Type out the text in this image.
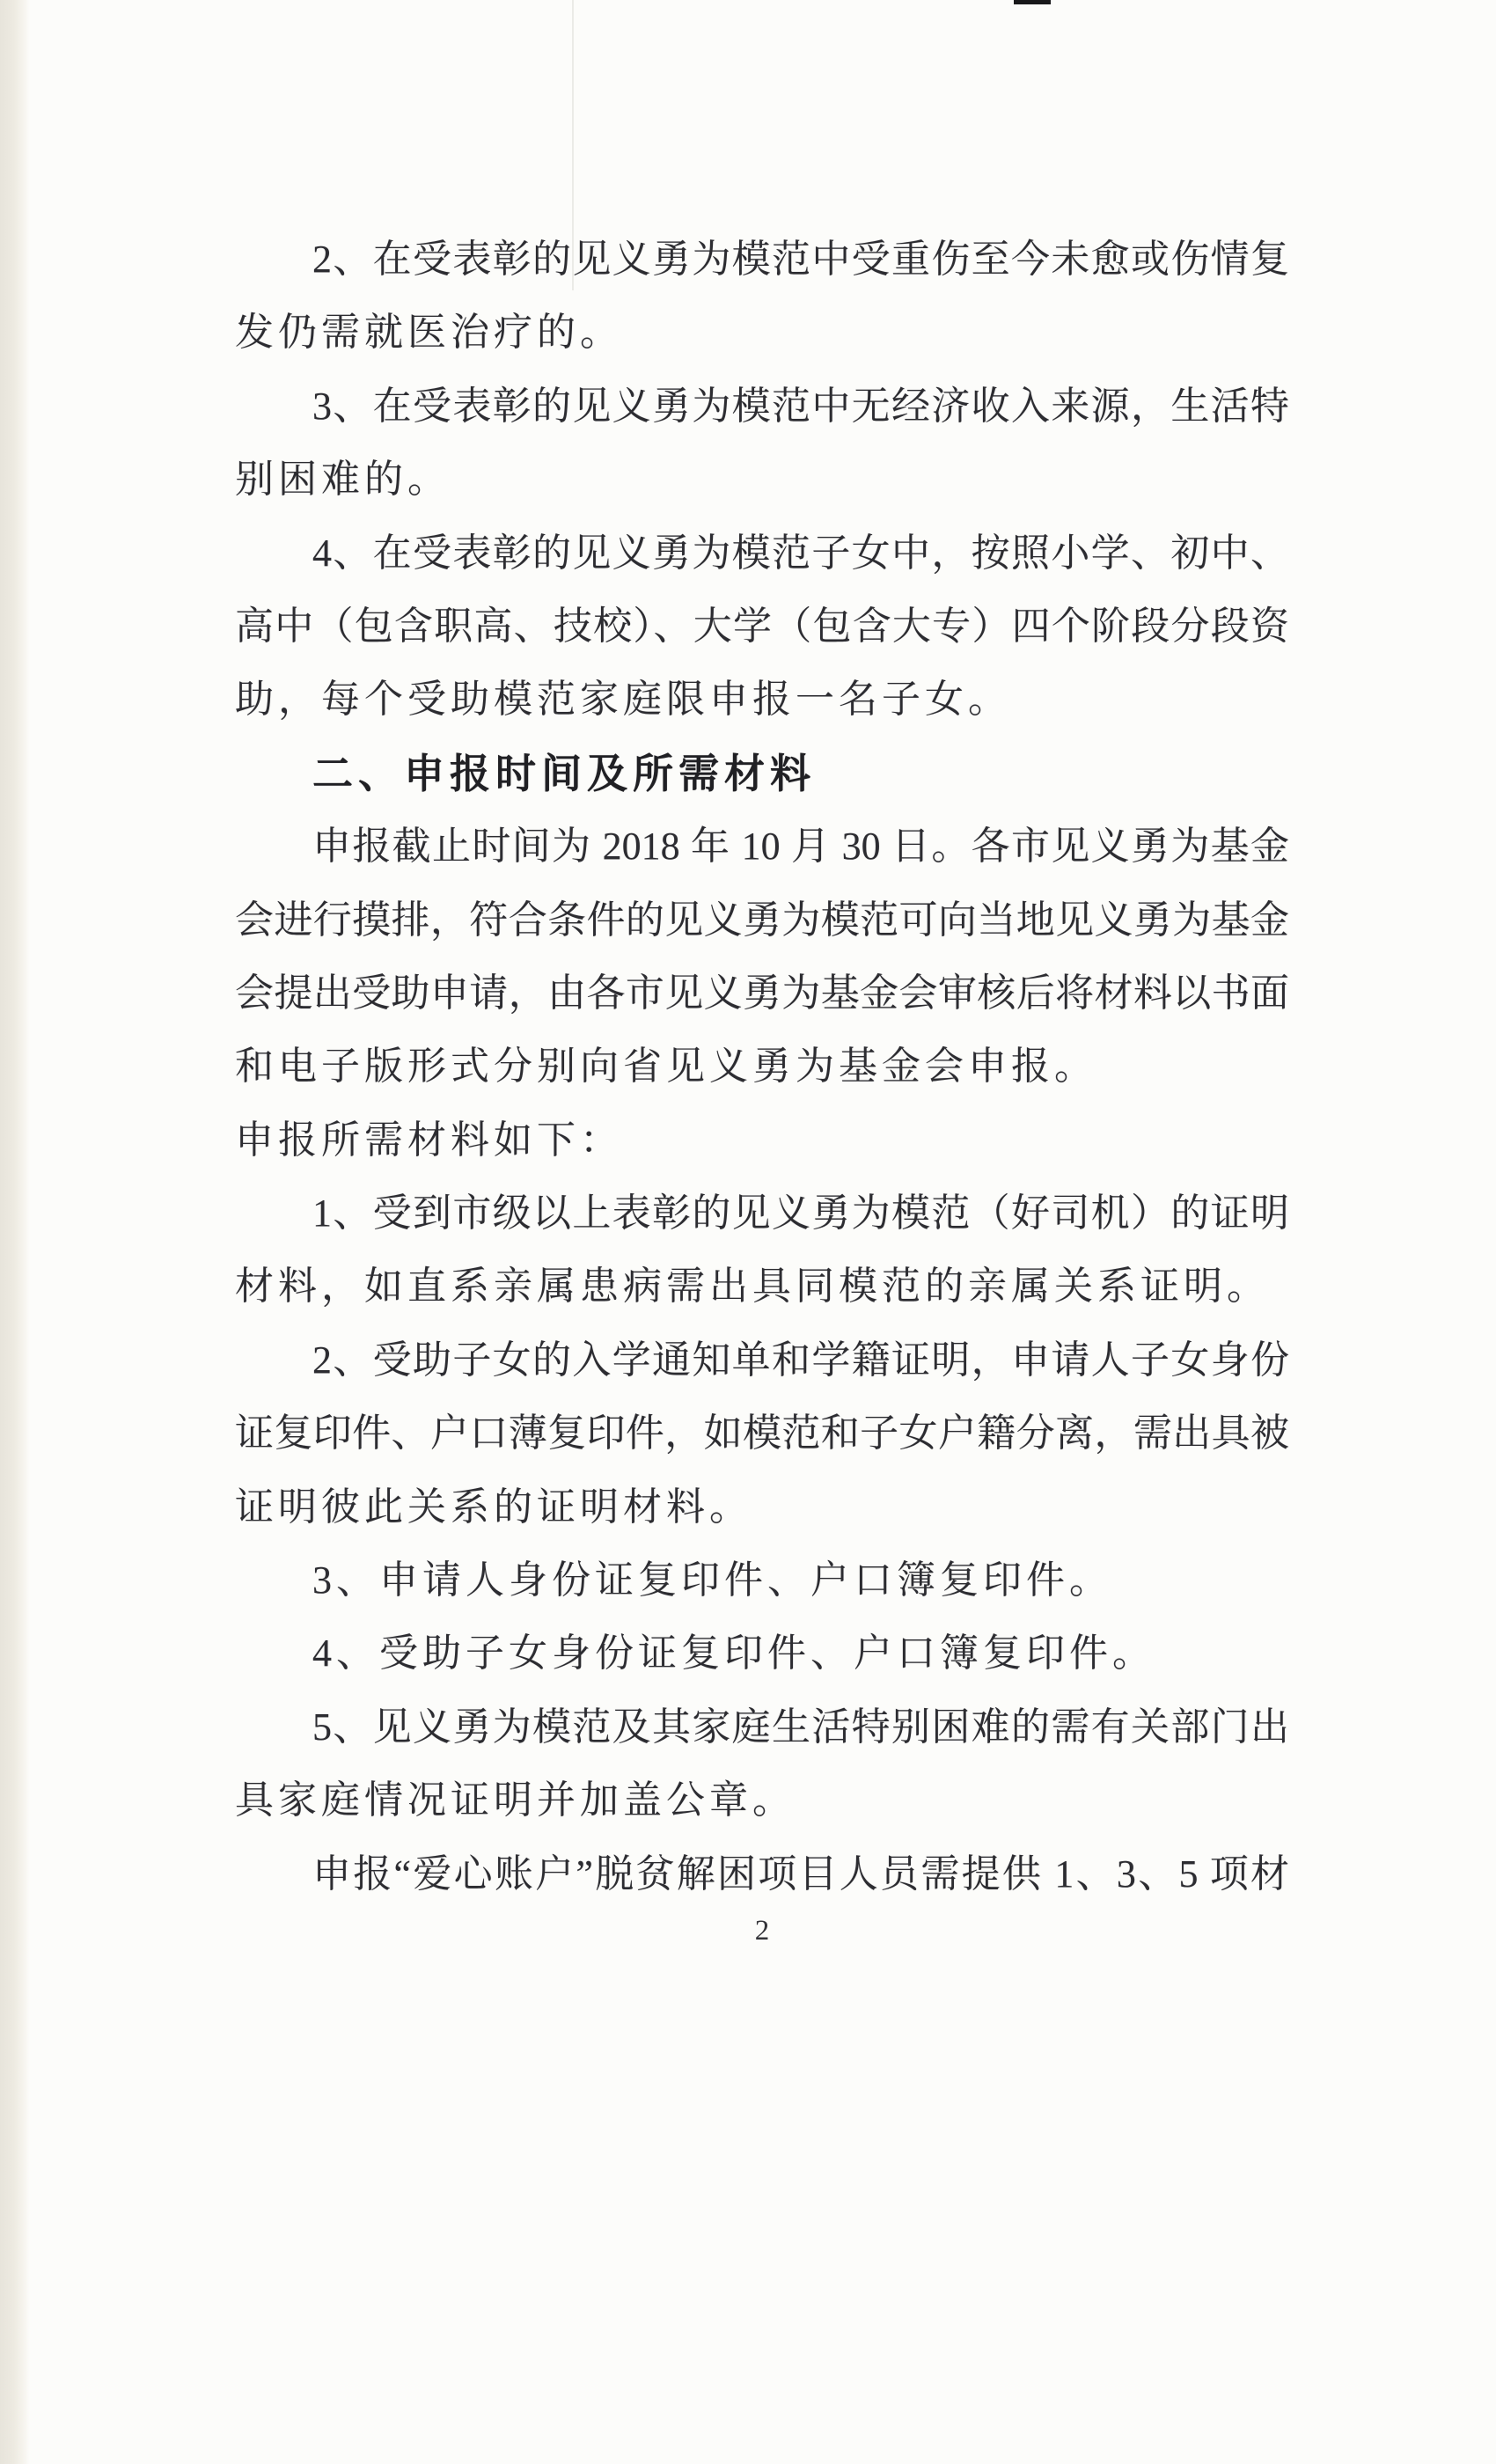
2、在受表彰的见义勇为模范中受重伤至今未愈或伤情复
发仍需就医治疗的。
3、在受表彰的见义勇为模范中无经济收入来源，生活特
别困难的。
4、在受表彰的见义勇为模范子女中，按照小学、初中、
高中（包含职高、技校）、大学（包含大专）四个阶段分段资
助，每个受助模范家庭限申报一名子女。
二、申报时间及所需材料
申报截止时间为 2018 年 10 月 30 日。各市见义勇为基金
会进行摸排，符合条件的见义勇为模范可向当地见义勇为基金
会提出受助申请，由各市见义勇为基金会审核后将材料以书面
和电子版形式分别向省见义勇为基金会申报。
申报所需材料如下：
1、受到市级以上表彰的见义勇为模范（好司机）的证明
材料，如直系亲属患病需出具同模范的亲属关系证明。
2、受助子女的入学通知单和学籍证明，申请人子女身份
证复印件、户口薄复印件，如模范和子女户籍分离，需出具被
证明彼此关系的证明材料。
3、申请人身份证复印件、户口簿复印件。
4、受助子女身份证复印件、户口簿复印件。
5、见义勇为模范及其家庭生活特别困难的需有关部门出
具家庭情况证明并加盖公章。
申报“爱心账户”脱贫解困项目人员需提供 1、3、5 项材
2
